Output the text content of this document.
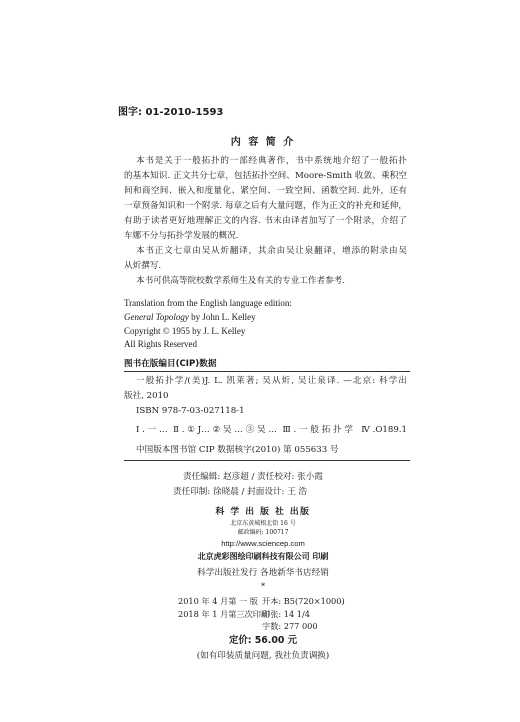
图字: 01-2010-1593
内 容 简 介
本书是关于一般拓扑的一部经典著作，书中系统地介绍了一般拓扑
的基本知识. 正文共分七章，包括拓扑空间、Moore-Smith 收敛、乘积空
间和商空间、嵌入和度量化、紧空间、一致空间、函数空间. 此外，还有
一章预备知识和一个附录. 每章之后有大量问题，作为正文的补充和延伸，
有助于读者更好地理解正文的内容. 书末由译者加写了一个附录，介绍了
车娜不分与拓扑学发展的概况.
本书正文七章由吴从炘翻译，其余由吴让泉翻译，增添的附录由吴
从炘撰写.
本书可供高等院校数学系师生及有关的专业工作者参考.
Translation from the English language edition:
General Topology by John L. Kelley
Copyright © 1955 by J. L. Kelley
All Rights Reserved
图书在版编目(CIP)数据
一般拓扑学/(美)J. L. 凯莱著; 吴从炘, 吴让泉译. —北京: 科学出
版社, 2010
ISBN 978-7-03-027118-1
Ⅰ.一… Ⅱ.①J…②吴…③吴… Ⅲ.一般拓扑学 Ⅳ.O189.1
中国版本图书馆 CIP 数据核字(2010) 第 055633 号
责任编辑: 赵彦超 / 责任校对: 张小霞
责任印制: 徐晓晨 / 封面设计: 王 浩
科 学 出 版 社 出版
北京东黄城根北街 16 号
邮政编码: 100717
http://www.sciencep.com
北京虎彩图绘印刷科技有限公司 印刷
科学出版社发行 各地新华书店经销
*
2010 年 4 月第 一 版 开本: B5(720×1000)
2018 年 1 月第三次印刷
印张: 14 1/4
字数: 277 000
定价: 56.00 元
(如有印装质量问题, 我社负责调换)
